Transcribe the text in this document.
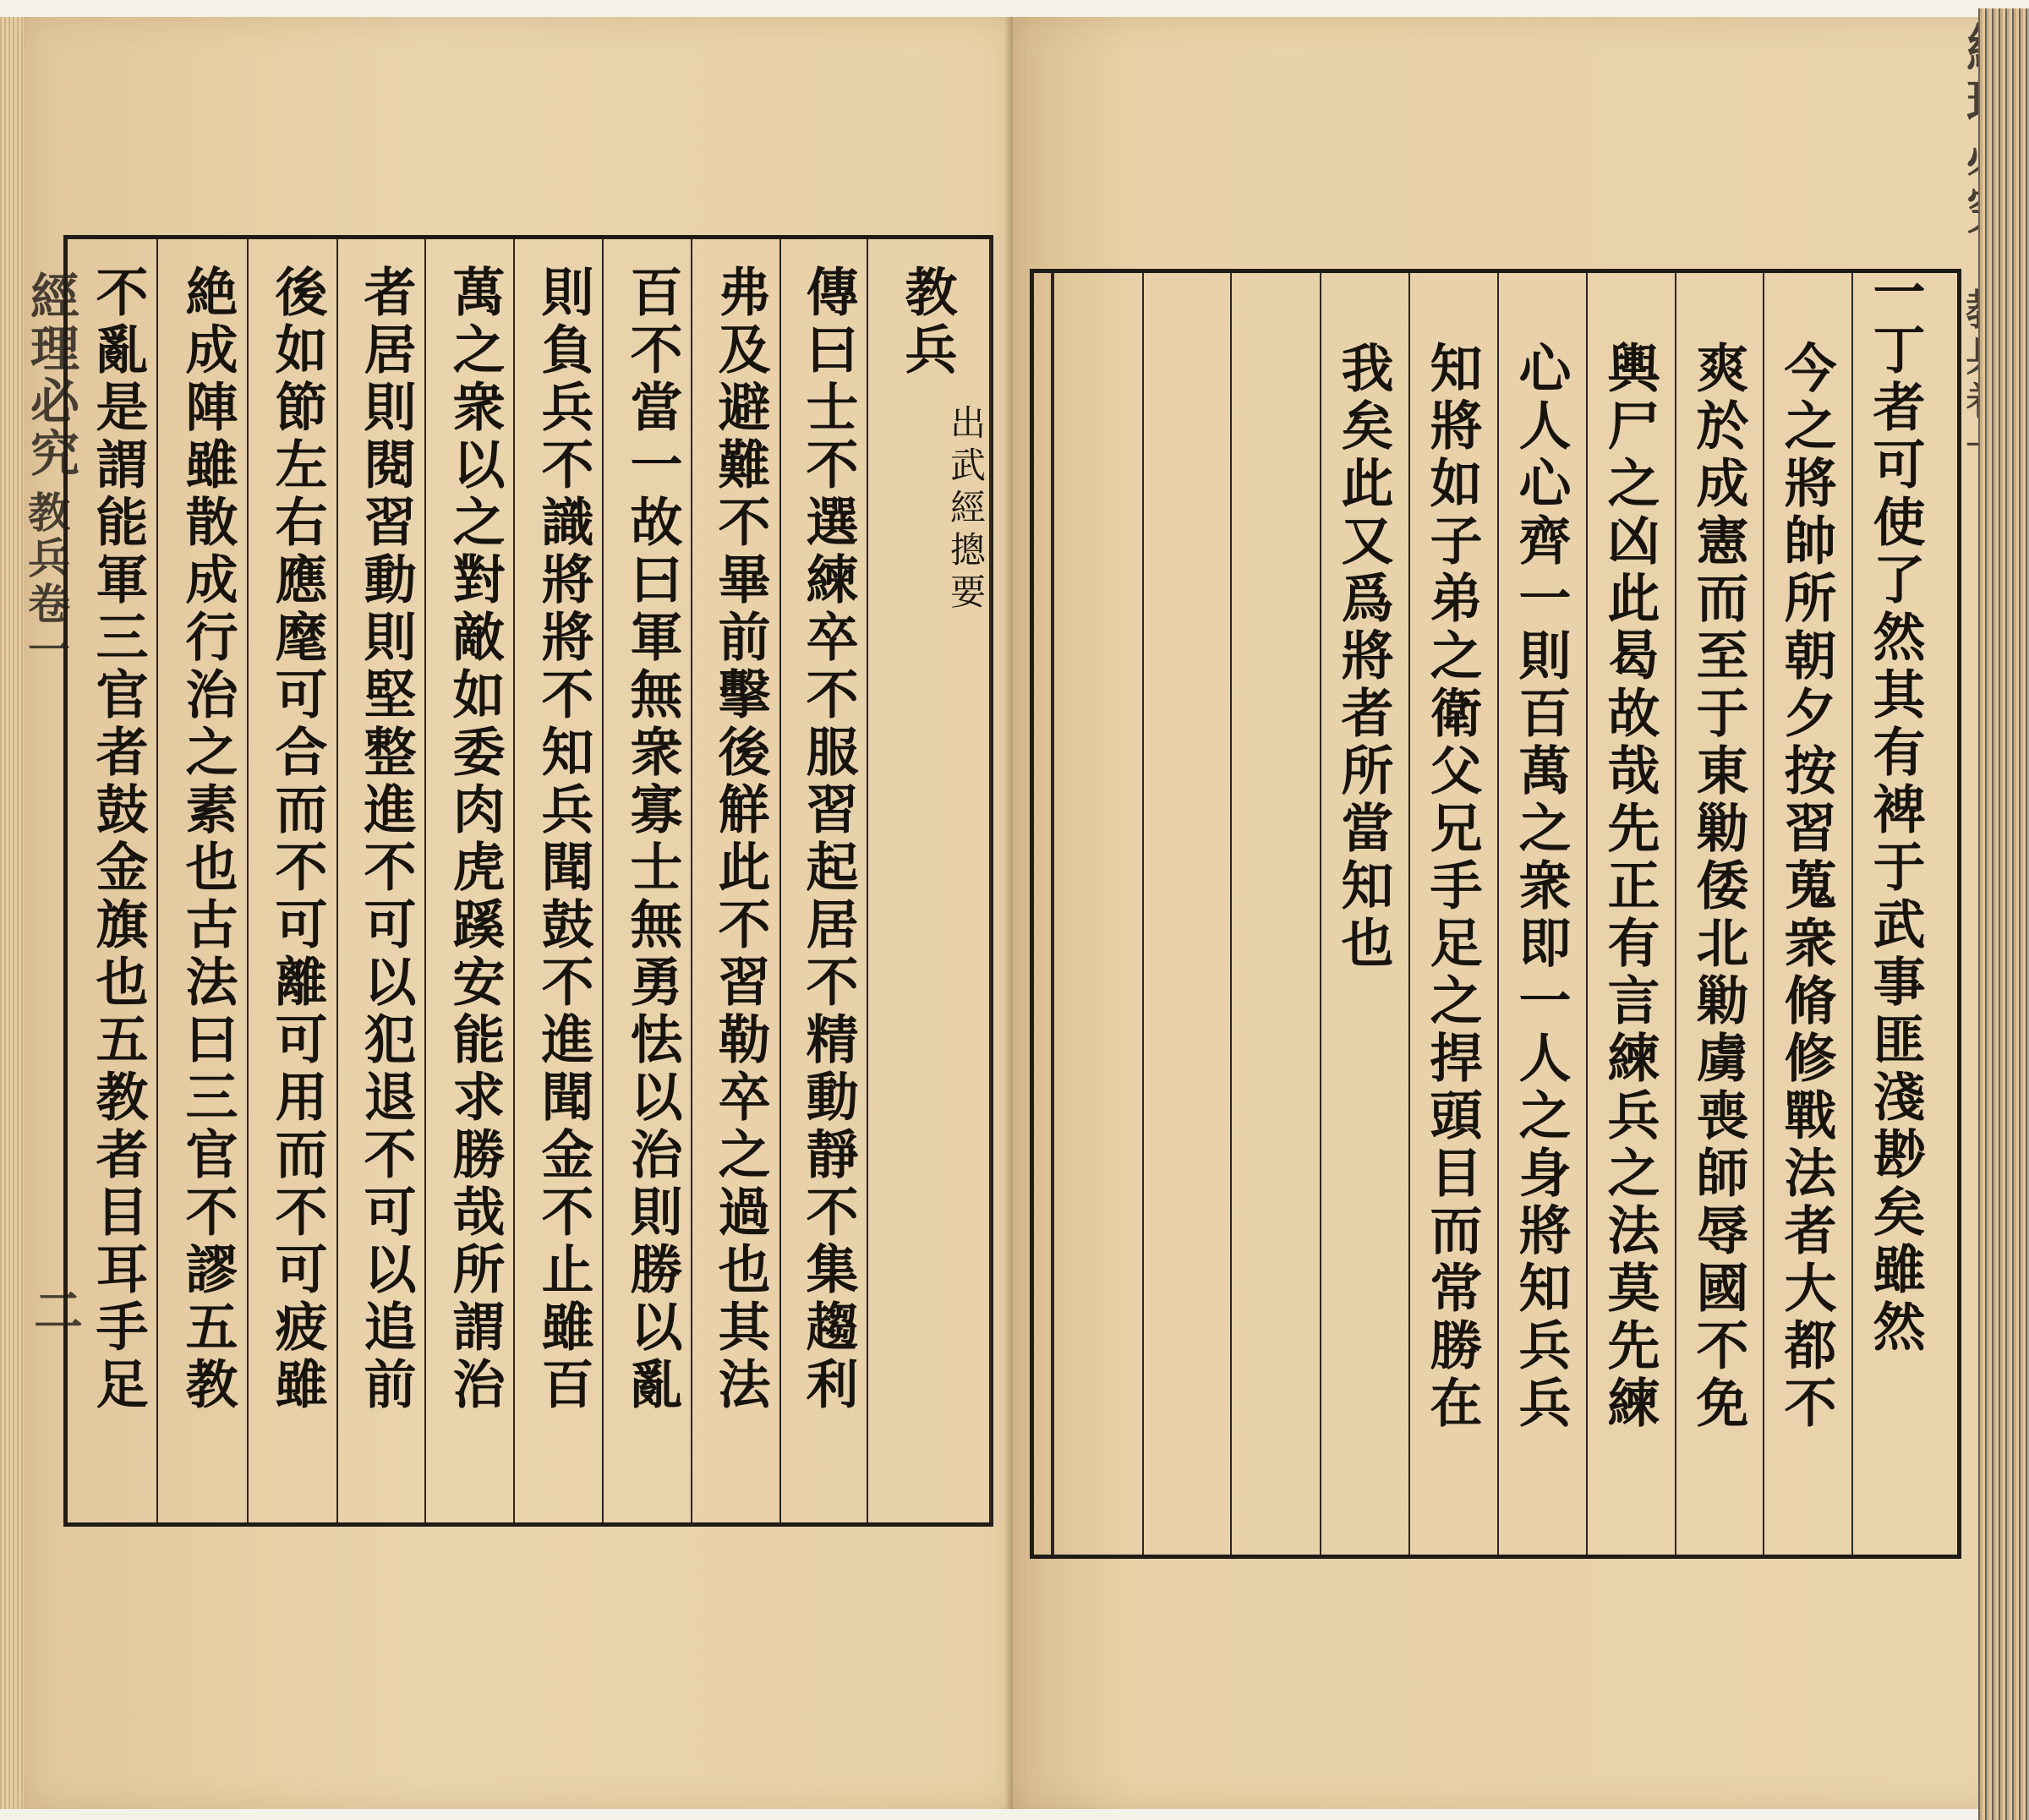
經理必究
教兵卷一
二
教兵
出武經摠要
傳曰士不選練卒不服習起居不精動靜不集趨利
弗及避難不畢前擊後觧此不習勒卒之過也其法
百不當一故曰軍無衆寡士無勇怯以治則勝以亂
則負兵不識將將不知兵聞鼓不進聞金不止雖百
萬之衆以之對敵如委肉虎蹊安能求勝哉所謂治
者居則閱習動則堅整進不可以犯退不可以追前
後如節左右應麾可合而不可離可用而不可疲雖
絶成陣雖散成行治之素也古法曰三官不謬五教
不亂是謂能軍三官者鼓金旗也五教者目耳手足	一丁者可使了然其有裨于武事匪淺尠矣雖然
今之將帥所朝夕按習蒐衆脩修戰法者大都不
爽於成憲而至于東勦倭北勦虜喪師辱國不免
輿尸之凶此曷故哉先正有言練兵之法莫先練
心人心齊一則百萬之衆即一人之身將知兵兵
知將如子弟之衛父兄手足之捍頭目而常勝在
我矣此又爲將者所當知也
